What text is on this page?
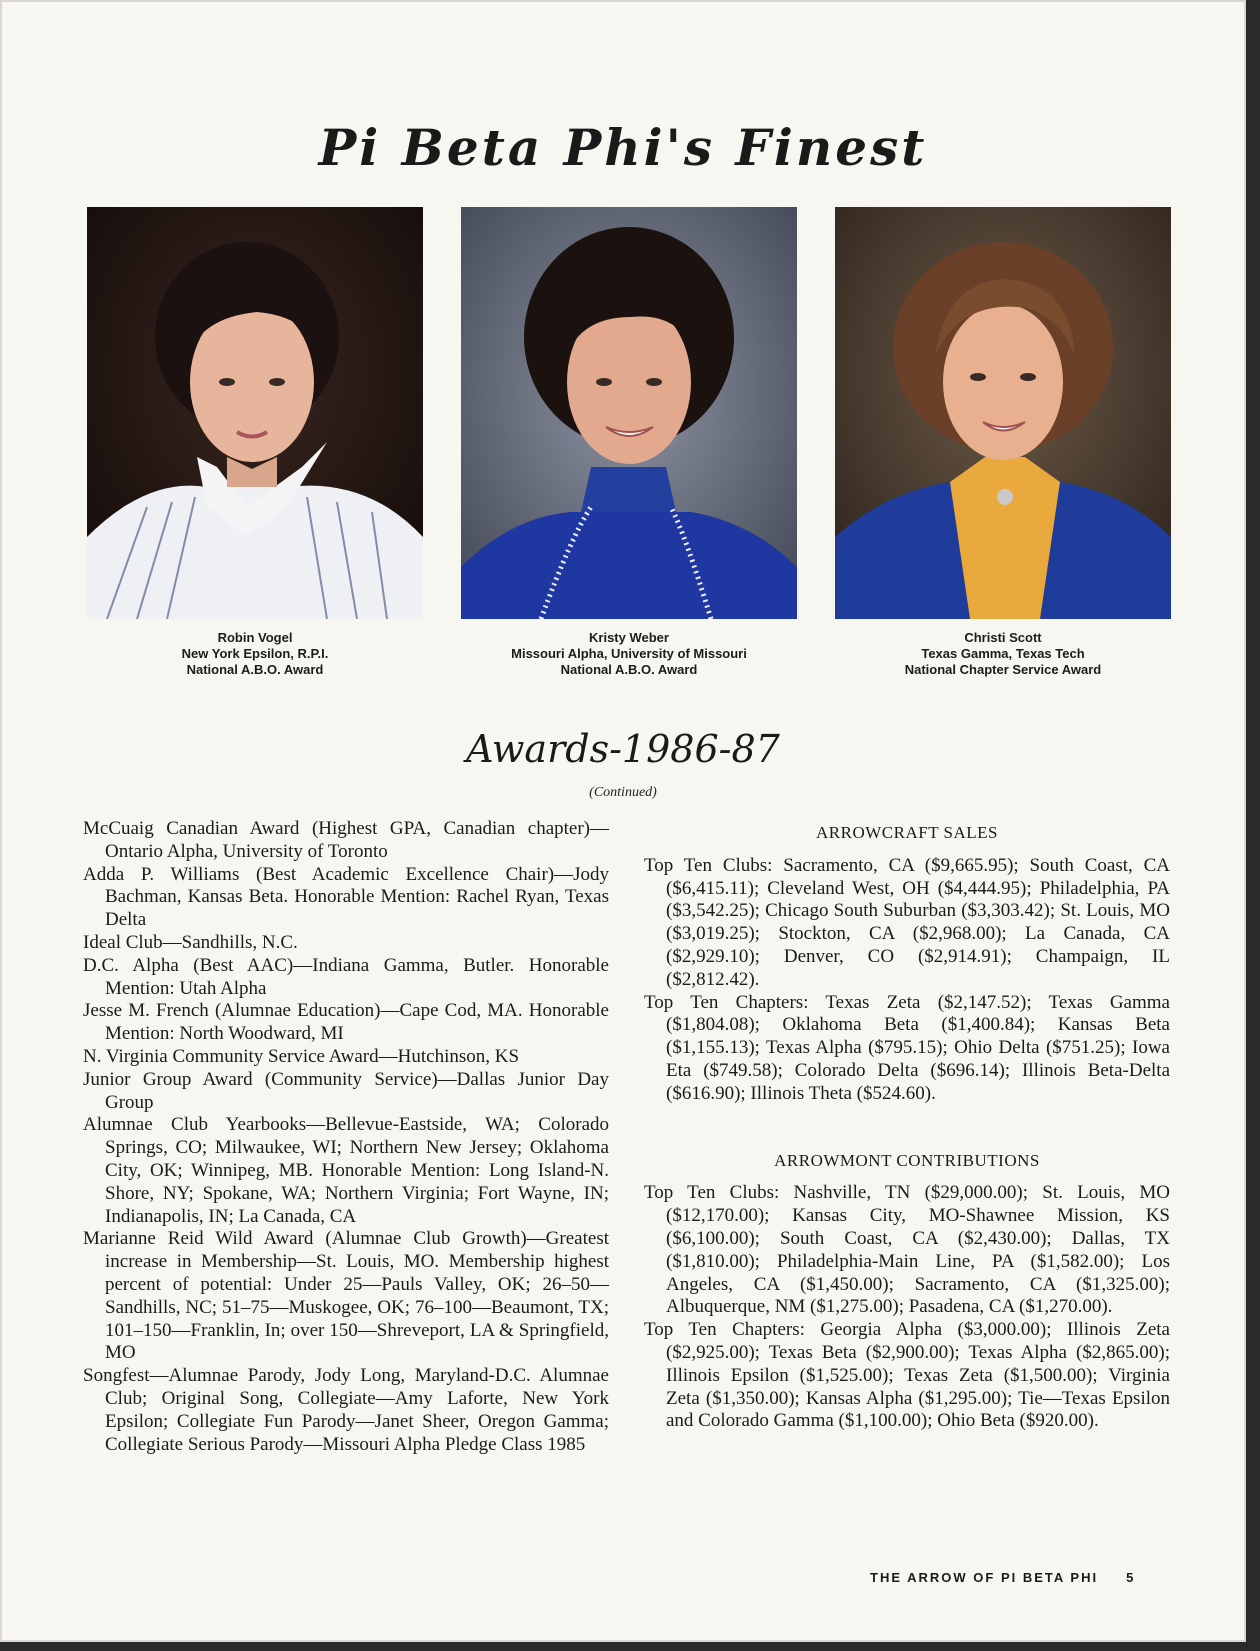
Pi Beta Phi's Finest
Robin Vogel
New York Epsilon, R.P.I.
National A.B.O. Award
Kristy Weber
Missouri Alpha, University of Missouri
National A.B.O. Award
Christi Scott
Texas Gamma, Texas Tech
National Chapter Service Award
Awards-1986-87
(Continued)

McCuaig Canadian Award (Highest GPA, Canadian chapter)—Ontario Alpha, University of Toronto

Adda P. Williams (Best Academic Excellence Chair)—Jody Bachman, Kansas Beta. Honorable Mention: Rachel Ryan, Texas Delta

Ideal Club—Sandhills, N.C.

D.C. Alpha (Best AAC)—Indiana Gamma, Butler. Honorable Mention: Utah Alpha

Jesse M. French (Alumnae Education)—Cape Cod, MA. Honorable Mention: North Woodward, MI

N. Virginia Community Service Award—Hutchinson, KS

Junior Group Award (Community Service)—Dallas Junior Day Group

Alumnae Club Yearbooks—Bellevue-Eastside, WA; Colorado Springs, CO; Milwaukee, WI; Northern New Jersey; Oklahoma City, OK; Winnipeg, MB. Honorable Mention: Long Island-N. Shore, NY; Spokane, WA; Northern Virginia; Fort Wayne, IN; Indianapolis, IN; La Canada, CA

Marianne Reid Wild Award (Alumnae Club Growth)—Greatest increase in Membership—St. Louis, MO. Membership highest percent of potential: Under 25—Pauls Valley, OK; 26–50—Sandhills, NC; 51–75—Muskogee, OK; 76–100—Beaumont, TX; 101–150—Franklin, In; over 150—Shreveport, LA & Springfield, MO

Songfest—Alumnae Parody, Jody Long, Maryland-D.C. Alumnae Club; Original Song, Collegiate—Amy Laforte, New York Epsilon; Collegiate Fun Parody—Janet Sheer, Oregon Gamma; Collegiate Serious Parody—Missouri Alpha Pledge Class 1985

ARROWCRAFT SALES

Top Ten Clubs: Sacramento, CA ($9,665.95); South Coast, CA ($6,415.11); Cleveland West, OH ($4,444.95); Philadelphia, PA ($3,542.25); Chicago South Suburban ($3,303.42); St. Louis, MO ($3,019.25); Stockton, CA ($2,968.00); La Canada, CA ($2,929.10); Denver, CO ($2,914.91); Champaign, IL ($2,812.42).

Top Ten Chapters: Texas Zeta ($2,147.52); Texas Gamma ($1,804.08); Oklahoma Beta ($1,400.84); Kansas Beta ($1,155.13); Texas Alpha ($795.15); Ohio Delta ($751.25); Iowa Eta ($749.58); Colorado Delta ($696.14); Illinois Beta-Delta ($616.90); Illinois Theta ($524.60).

ARROWMONT CONTRIBUTIONS

Top Ten Clubs: Nashville, TN ($29,000.00); St. Louis, MO ($12,170.00); Kansas City, MO-Shawnee Mission, KS ($6,100.00); South Coast, CA ($2,430.00); Dallas, TX ($1,810.00); Philadelphia-Main Line, PA ($1,582.00); Los Angeles, CA ($1,450.00); Sacramento, CA ($1,325.00); Albuquerque, NM ($1,275.00); Pasadena, CA ($1,270.00).

Top Ten Chapters: Georgia Alpha ($3,000.00); Illinois Zeta ($2,925.00); Texas Beta ($2,900.00); Texas Alpha ($2,865.00); Illinois Epsilon ($1,525.00); Texas Zeta ($1,500.00); Virginia Zeta ($1,350.00); Kansas Alpha ($1,295.00); Tie—Texas Epsilon and Colorado Gamma ($1,100.00); Ohio Beta ($920.00).

THE ARROW OF PI BETA PHI 5
